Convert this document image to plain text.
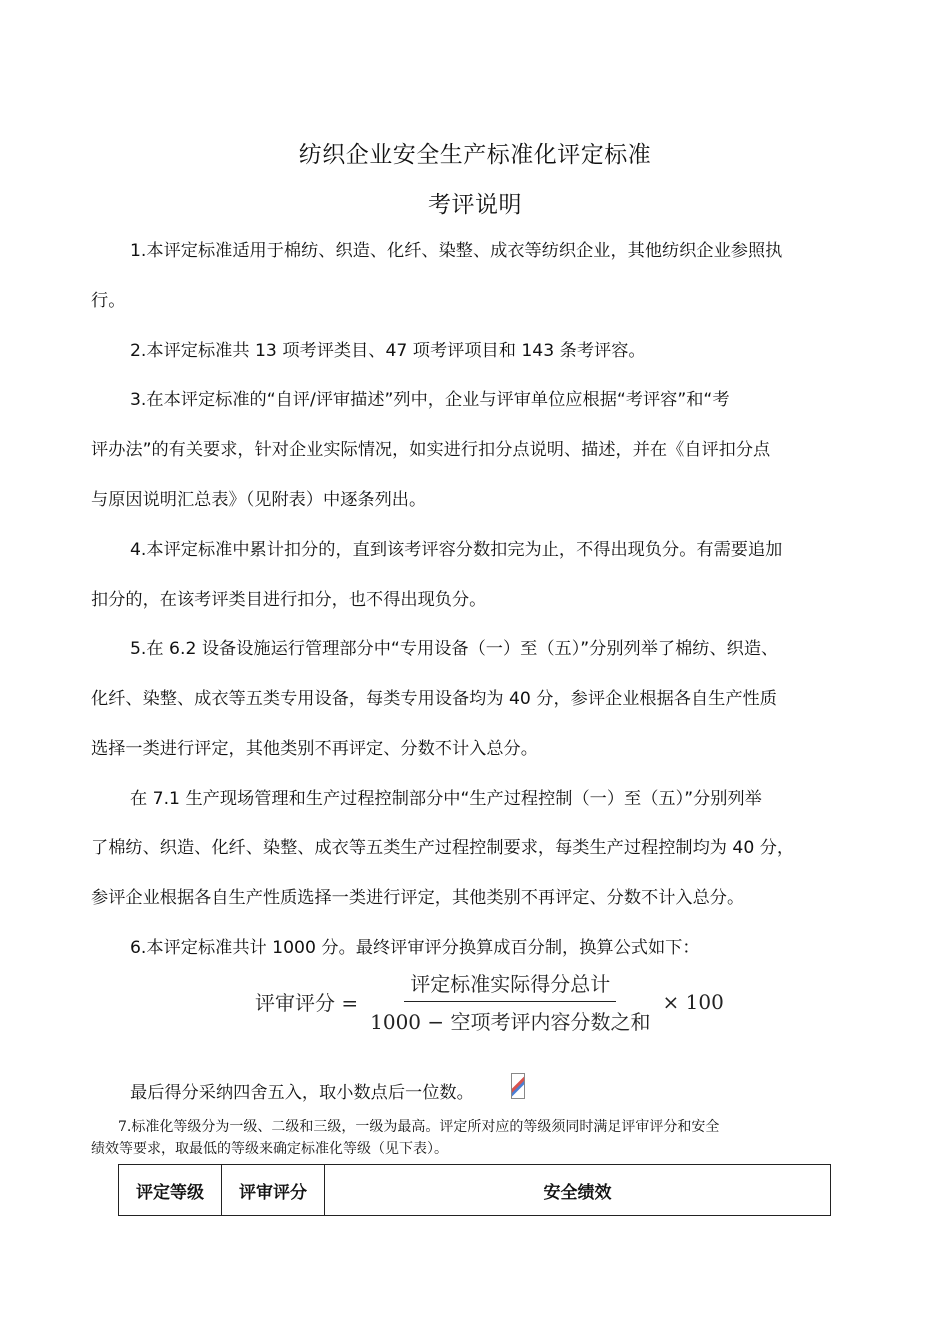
纺织企业安全生产标准化评定标准
考评说明
1.本评定标准适用于棉纺、织造、化纤、染整、成衣等纺织企业，其他纺织企业参照执
行。
2.本评定标准共 13 项考评类目、47 项考评项目和 143 条考评容。
3.在本评定标准的“自评/评审描述”列中，企业与评审单位应根据“考评容”和“考
评办法”的有关要求，针对企业实际情况，如实进行扣分点说明、描述，并在《自评扣分点
与原因说明汇总表》（见附表）中逐条列出。
4.本评定标准中累计扣分的，直到该考评容分数扣完为止，不得出现负分。有需要追加
扣分的，在该考评类目进行扣分，也不得出现负分。
5.在 6.2 设备设施运行管理部分中“专用设备（一）至（五）”分别列举了棉纺、织造、
化纤、染整、成衣等五类专用设备，每类专用设备均为 40 分，参评企业根据各自生产性质
选择一类进行评定，其他类别不再评定、分数不计入总分。
在 7.1 生产现场管理和生产过程控制部分中“生产过程控制（一）至（五）”分别列举
了棉纺、织造、化纤、染整、成衣等五类生产过程控制要求，每类生产过程控制均为 40 分，
参评企业根据各自生产性质选择一类进行评定，其他类别不再评定、分数不计入总分。
6.本评定标准共计 1000 分。最终评审评分换算成百分制，换算公式如下：
评审评分 = $\frac{\text{评定标准实际得分总计}}{\text{1000 − 空项考评内容分数之和}} \times 100$
最后得分采纳四舍五入，取小数点后一位数。
7.标准化等级分为一级、二级和三级，一级为最高。评定所对应的等级须同时满足评审评分和安全
绩效等要求，取最低的等级来确定标准化等级（见下表）。
评定等级	评审评分	安全绩效
